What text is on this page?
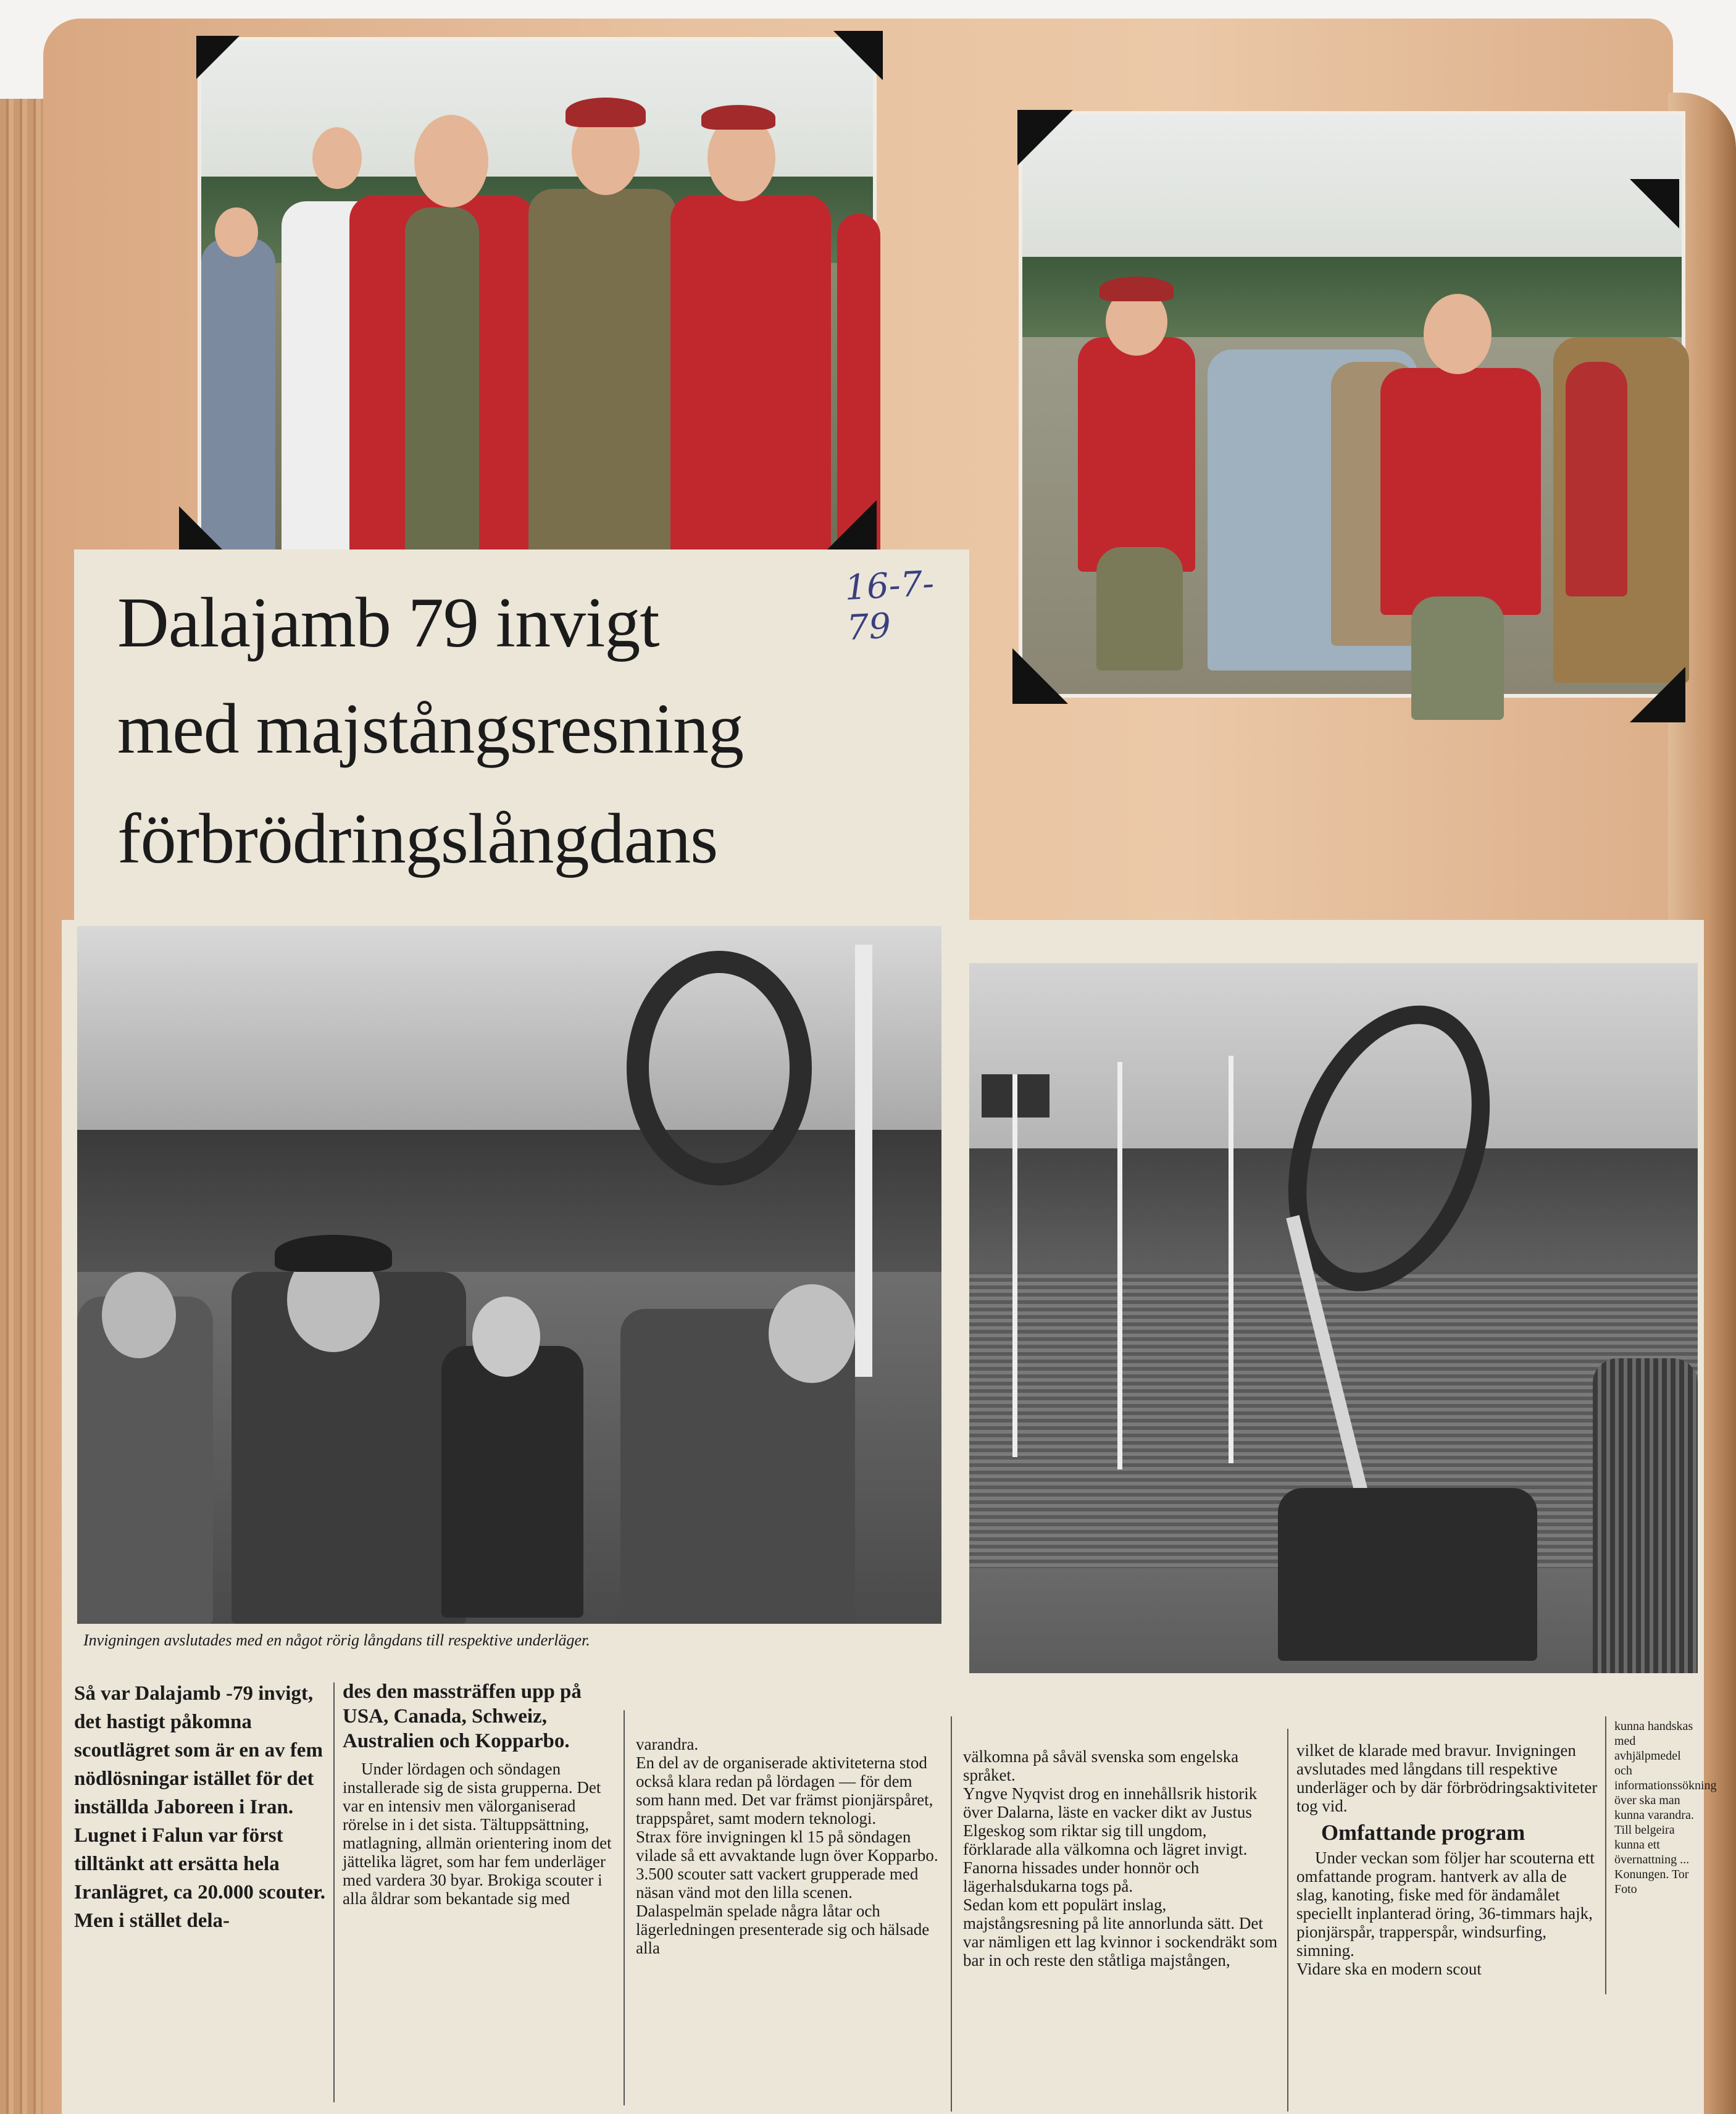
16-7-79
Dalajamb 79 invigt
med majstångsresning
förbrödringslångdans
Invigningen avslutades med en något rörig långdans till respektive underläger.

Så var Dalajamb -79 invigt, det hastigt påkomna scoutlägret som är en av fem nödlösningar istället för det inställda Jaboreen i Iran. Lugnet i Falun var först tilltänkt att ersätta hela Iranlägret, ca 20.000 scouter. Men i stället dela-

des den massträffen upp på USA, Canada, Schweiz, Australien och Kopparbo.

Under lördagen och söndagen installerade sig de sista grupperna. Det var en intensiv men välorganiserad rörelse in i det sista. Tältuppsättning, matlagning, allmän orientering inom det jättelika lägret, som har fem underläger med vardera 30 byar. Brokiga scouter i alla åldrar som bekantade sig med

varandra.
En del av de organiserade aktiviteterna stod också klara redan på lördagen — för dem som hann med. Det var främst pionjärspåret, trappspåret, samt modern teknologi.
Strax före invigningen kl 15 på söndagen vilade så ett avvaktande lugn över Kopparbo.
3.500 scouter satt vackert grupperade med näsan vänd mot den lilla scenen. Dalaspelmän spelade några låtar och lägerledningen presenterade sig och hälsade alla

välkomna på såväl svenska som engelska språket.
Yngve Nyqvist drog en innehållsrik historik över Dalarna, läste en vacker dikt av Justus Elgeskog som riktar sig till ungdom, förklarade alla välkomna och lägret invigt.
Fanorna hissades under honnör och lägerhalsdukarna togs på.
Sedan kom ett populärt inslag, majstångsresning på lite annorlunda sätt. Det var nämligen ett lag kvinnor i sockendräkt som bar in och reste den ståtliga majstången,

vilket de klarade med bravur. Invigningen avslutades med långdans till respektive underläger och by där förbrödringsaktiviteter tog vid.

Omfattande program

Under veckan som följer har scouterna ett omfattande program. hantverk av alla de slag, kanoting, fiske med för ändamålet speciellt inplanterad öring, 36-timmars hajk, pionjärspår, trapperspår, windsurfing, simning.
Vidare ska en modern scout

kunna handskas med avhjälpmedel och informationssökning över ska man kunna varandra.
Till belgeira kunna ett övernattning ... Konungen. Tor
Foto
